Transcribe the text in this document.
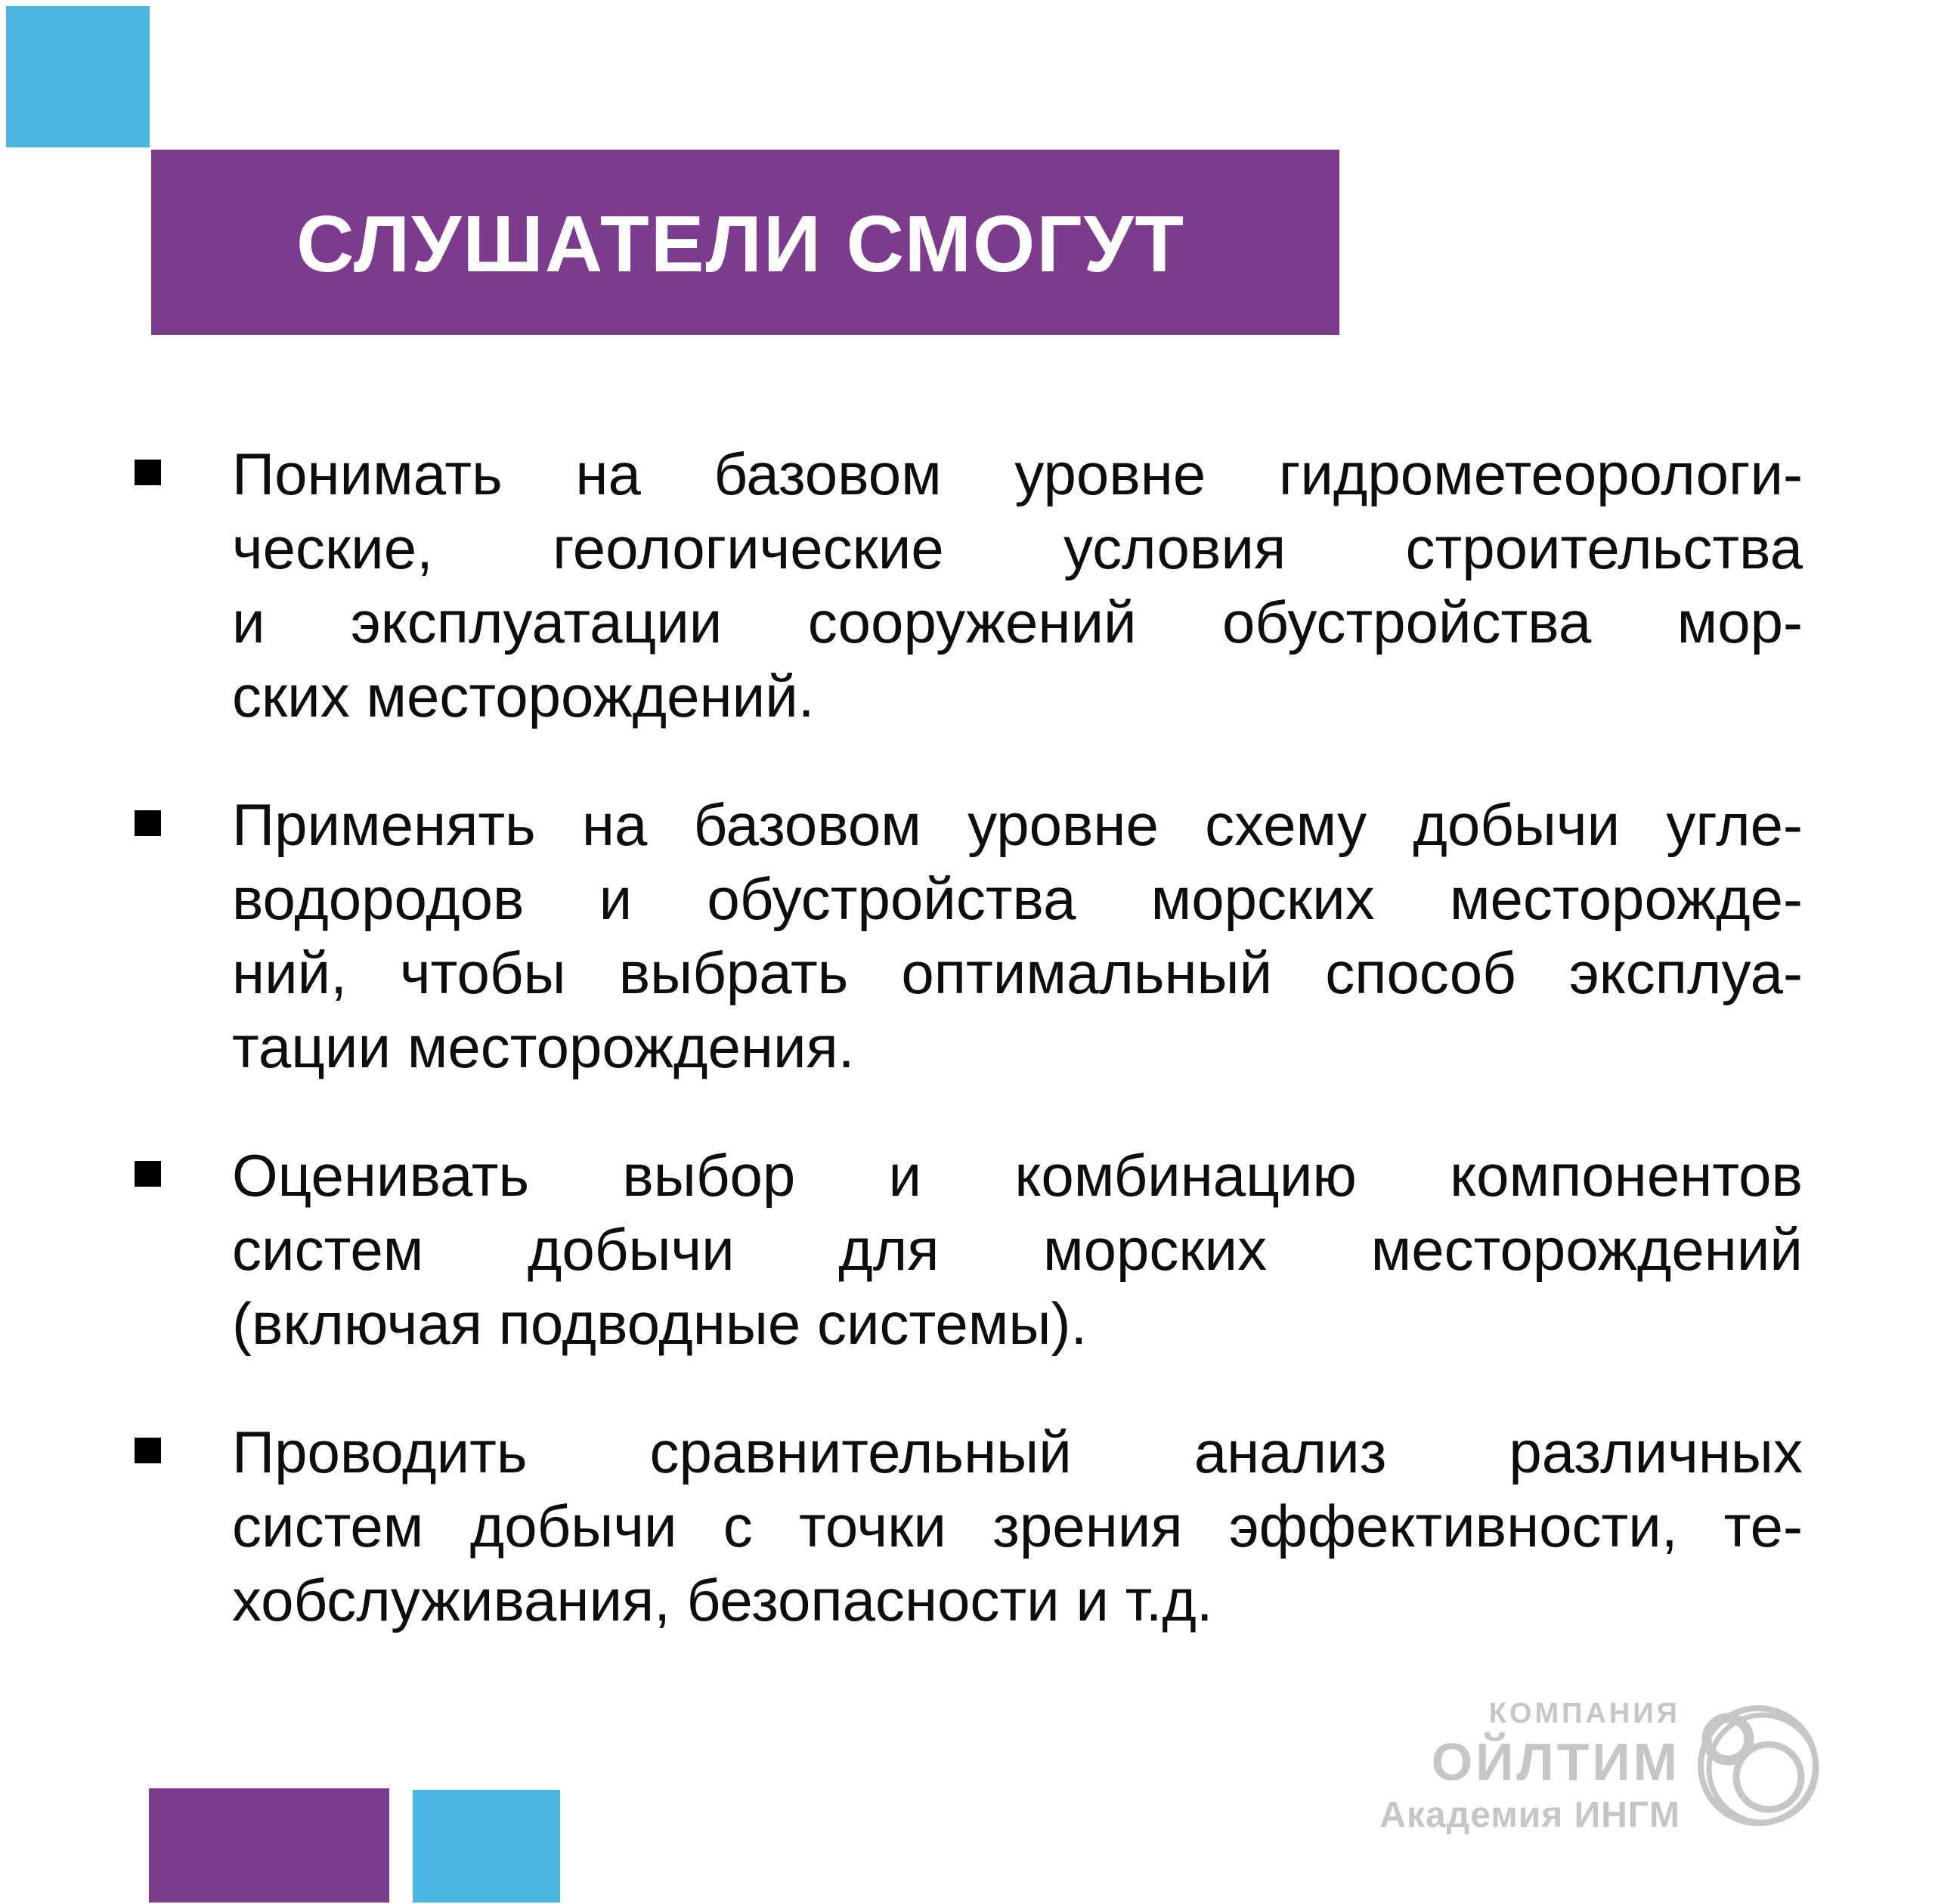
СЛУШАТЕЛИ СМОГУТ
Понимать на базовом уровне гидрометеорологи-
ческие, геологические условия строительства
и эксплуатации сооружений обустройства мор-
ских месторождений.
Применять на базовом уровне схему добычи угле-
водородов и обустройства морских месторожде-
ний, чтобы выбрать оптимальный способ эксплуа-
тации месторождения.
Оценивать выбор и комбинацию компонентов
систем добычи для морских месторождений
(включая подводные системы).
Проводить сравнительный анализ различных
систем добычи с точки зрения эффективности, те-
хобслуживания, безопасности и т.д.
КОМПАНИЯ
ОЙЛТИМ
Академия ИНГМ
